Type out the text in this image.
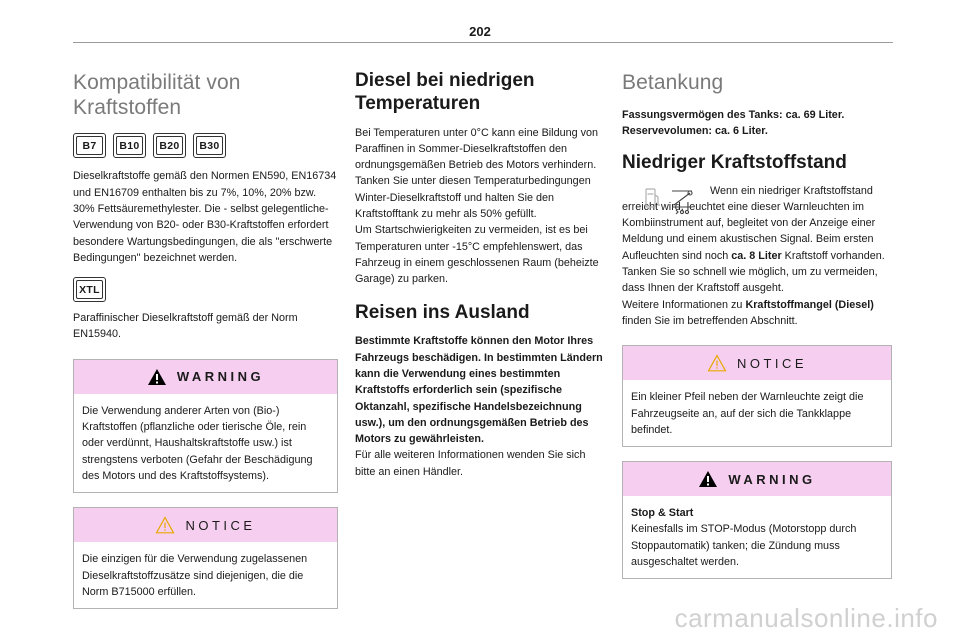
202
Kompatibilität von Kraftstoffen
B7 B10 B20 B30

Dieselkraftstoffe gemäß den Normen EN590, EN16734 und EN16709 enthalten bis zu 7%, 10%, 20% bzw. 30% Fettsäuremethylester. Die - selbst gelegentliche- Verwendung von B20- oder B30-Kraftstoffen erfordert besondere Wartungsbedingungen, die als "erschwerte Bedingungen" bezeichnet werden.

XTL

Paraffinischer Dieselkraftstoff gemäß der Norm EN15940.

WARNING

Die Verwendung anderer Arten von (Bio-) Kraftstoffen (pflanzliche oder tierische Öle, rein oder verdünnt, Haushaltskraftstoffe usw.) ist strengstens verboten (Gefahr der Beschädigung des Motors und des Kraftstoffsystems).

NOTICE

Die einzigen für die Verwendung zugelassenen Dieselkraftstoffzusätze sind diejenigen, die die Norm B715000 erfüllen.

Diesel bei niedrigen
Temperaturen

Bei Temperaturen unter 0°C kann eine Bildung von Paraffinen in Sommer-Dieselkraftstoffen den ordnungsgemäßen Betrieb des Motors verhindern. Tanken Sie unter diesen Temperaturbedingungen Winter-Dieselkraftstoff und halten Sie den Kraftstofftank zu mehr als 50% gefüllt.

Um Startschwierigkeiten zu vermeiden, ist es bei Temperaturen unter -15°C empfehlenswert, das Fahrzeug in einem geschlossenen Raum (beheizte Garage) zu parken.

Reisen ins Ausland

Bestimmte Kraftstoffe können den Motor Ihres Fahrzeugs beschädigen. In bestimmten Ländern kann die Verwendung eines bestimmten Kraftstoffs erforderlich sein (spezifische Oktanzahl, spezifische Handelsbezeichnung usw.), um den ordnungsgemäßen Betrieb des Motors zu gewährleisten.

Für alle weiteren Informationen wenden Sie sich bitte an einen Händler.

Betankung

Fassungsvermögen des Tanks: ca. 69 Liter.

Reservevolumen: ca. 6 Liter.

Niedriger Kraftstoffstand

Wenn ein niedriger Kraftstoffstand erreicht wird, leuchtet eine dieser Warnleuchten im Kombiinstrument auf, begleitet von der Anzeige einer Meldung und einem akustischen Signal. Beim ersten Aufleuchten sind noch ca. 8 Liter Kraftstoff vorhanden.

Tanken Sie so schnell wie möglich, um zu vermeiden, dass Ihnen der Kraftstoff ausgeht.

Weitere Informationen zu Kraftstoffmangel (Diesel) finden Sie im betreffenden Abschnitt.

NOTICE

Ein kleiner Pfeil neben der Warnleuchte zeigt die Fahrzeugseite an, auf der sich die Tankklappe befindet.

WARNING

Stop & Start

Keinesfalls im STOP-Modus (Motorstopp durch Stoppautomatik) tanken; die Zündung muss ausgeschaltet werden.

carmanualsonline.info
